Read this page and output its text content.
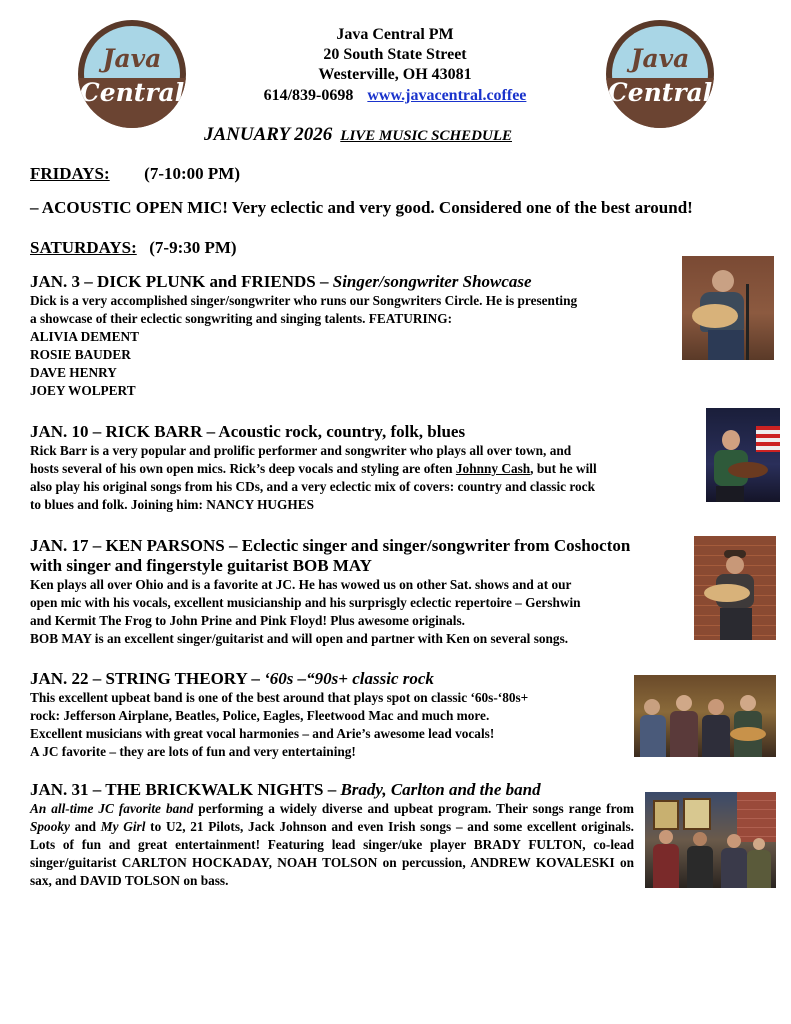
Java
Central
Java
Central
Java Central PM
20 South State Street
Westerville, OH 43081
614/839-0698 www.javacentral.coffee
JANUARY 2026 LIVE MUSIC SCHEDULE
FRIDAYS: (7-10:00 PM)
– ACOUSTIC OPEN MIC! Very eclectic and very good. Considered one of the best around!
SATURDAYS: (7-9:30 PM)
JAN. 3 – DICK PLUNK and FRIENDS – Singer/songwriter Showcase

Dick is a very accomplished singer/songwriter who runs our Songwriters Circle. He is presenting

a showcase of their eclectic songwriting and singing talents. FEATURING:

ALIVIA DEMENT

ROSIE BAUDER

DAVE HENRY

JOEY WOLPERT

JAN. 10 – RICK BARR – Acoustic rock, country, folk, blues

Rick Barr is a very popular and prolific performer and songwriter who plays all over town, and

hosts several of his own open mics. Rick’s deep vocals and styling are often Johnny Cash, but he will

also play his original songs from his CDs, and a very eclectic mix of covers: country and classic rock

to blues and folk. Joining him: NANCY HUGHES

JAN. 17 – KEN PARSONS – Eclectic singer and singer/songwriter from Coshocton
with singer and fingerstyle guitarist BOB MAY

Ken plays all over Ohio and is a favorite at JC. He has wowed us on other Sat. shows and at our

open mic with his vocals, excellent musicianship and his surprisgly eclectic repertoire – Gershwin

and Kermit The Frog to John Prine and Pink Floyd! Plus awesome originals.

BOB MAY is an excellent singer/guitarist and will open and partner with Ken on several songs.

JAN. 22 – STRING THEORY – ‘60s –“90s+ classic rock

This excellent upbeat band is one of the best around that plays spot on classic ‘60s-‘80s+

rock: Jefferson Airplane, Beatles, Police, Eagles, Fleetwood Mac and much more.

Excellent musicians with great vocal harmonies – and Arie’s awesome lead vocals!

A JC favorite – they are lots of fun and very entertaining!

JAN. 31 – THE BRICKWALK NIGHTS – Brady, Carlton and the band

An all-time JC favorite band performing a widely diverse and upbeat program. Their songs range from Spooky and My Girl to U2, 21 Pilots, Jack Johnson and even Irish songs – and some excellent originals. Lots of fun and great entertainment! Featuring lead singer/uke player BRADY FULTON, co-lead singer/guitarist CARLTON HOCKADAY, NOAH TOLSON on percussion, ANDREW KOVALESKI on sax, and DAVID TOLSON on bass.
